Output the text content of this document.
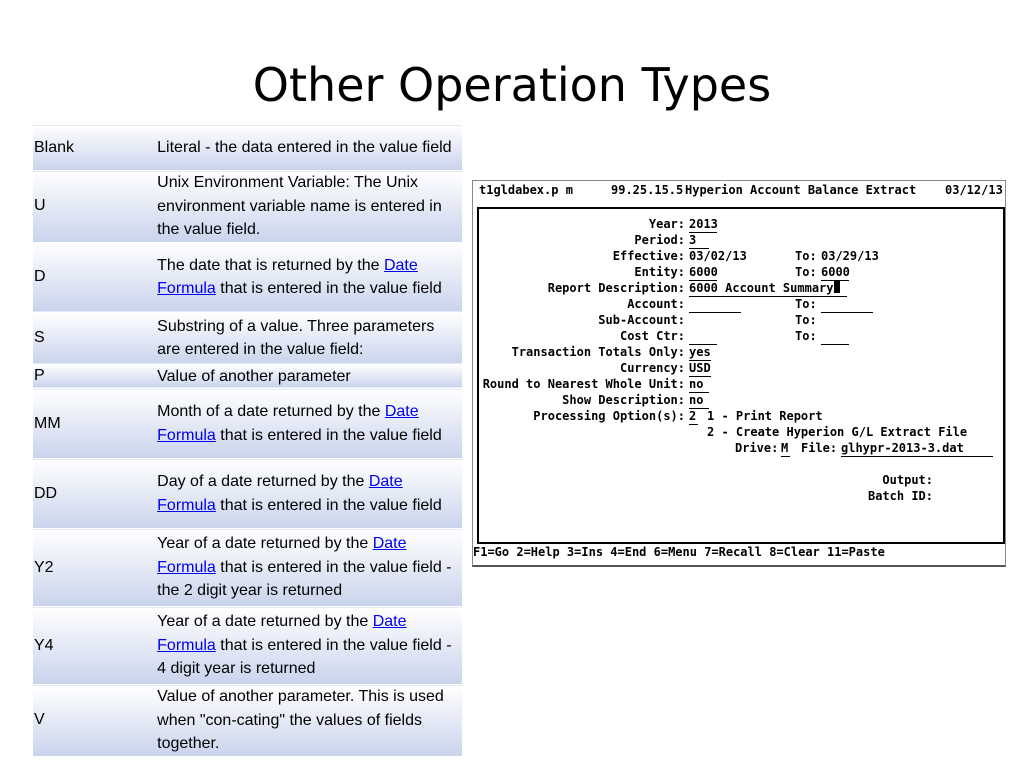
Other Operation Types
Blank	Literal - the data entered in the value field
U	Unix Environment Variable: The Unix environment variable name is entered in the value field.
D	The date that is returned by the Date Formula that is entered in the value field
S	Substring of a value. Three parameters are entered in the value field:
P	Value of another parameter
MM	Month of a date returned by the Date Formula that is entered in the value field
DD	Day of a date returned by the Date Formula that is entered in the value field
Y2	Year of a date returned by the Date Formula that is entered in the value field - the 2 digit year is returned
Y4	Year of a date returned by the Date Formula that is entered in the value field - 4 digit year is returned
V	Value of another parameter. This is used when "con-cating" the values of fields together.
t1gldabex.p m	99.25.15.5 Hyperion Account Balance Extract 03/12/13
Year: 2013
Period: 3
Effective: 03/02/13	To: 03/29/13
Entity: 6000	To: 6000
Report Description: 6000 Account Summary
Account:	To:
Sub-Account:	To:
Cost Ctr:	To:
Transaction Totals Only: yes
Currency: USD
Round to Nearest Whole Unit: no
Show Description: no
Processing Option(s): 2 1 - Print Report
2 - Create Hyperion G/L Extract File
Drive: M File: glhypr-2013-3.dat
Output:
Batch ID:
F1=Go 2=Help 3=Ins 4=End 6=Menu 7=Recall 8=Clear 11=Paste
